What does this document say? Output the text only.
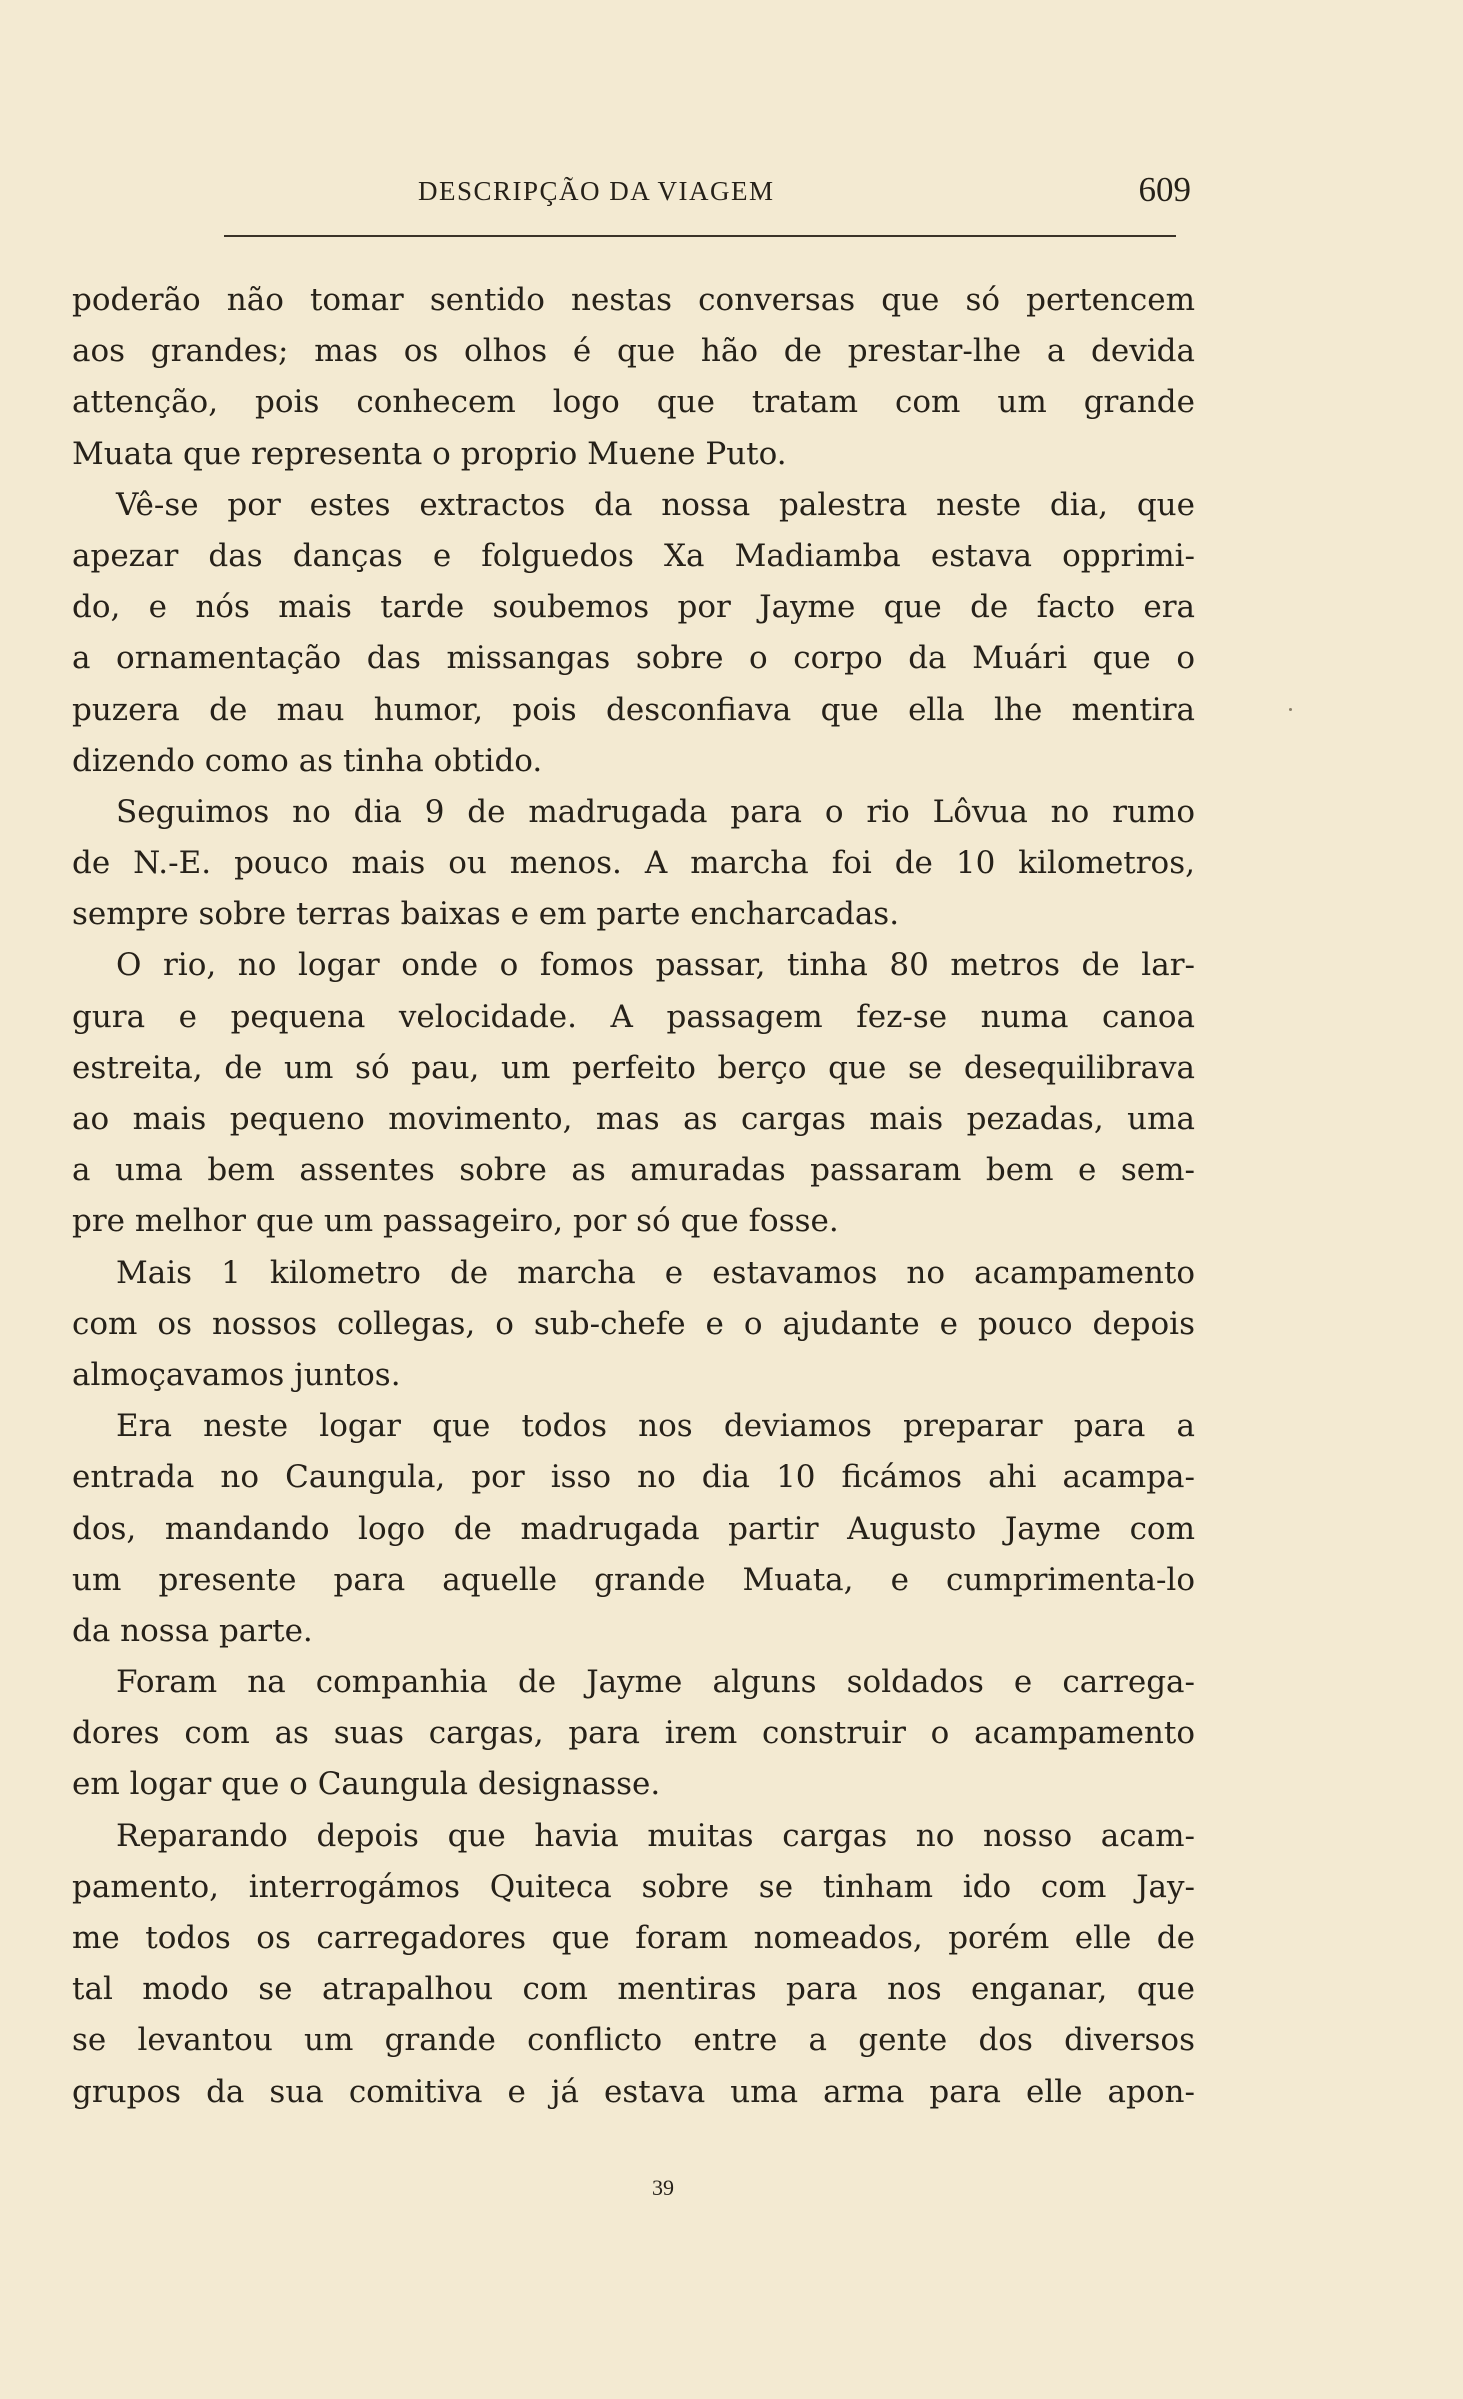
DESCRIPÇÃO DA VIAGEM	609
poderão não tomar sentido nestas conversas que só pertencem
aos grandes; mas os olhos é que hão de prestar-lhe a devida
attenção, pois conhecem logo que tratam com um grande
Muata que representa o proprio Muene Puto.
Vê-se por estes extractos da nossa palestra neste dia, que
apezar das danças e folguedos Xa Madiamba estava opprimi-
do, e nós mais tarde soubemos por Jayme que de facto era
a ornamentação das missangas sobre o corpo da Muári que o
puzera de mau humor, pois desconfiava que ella lhe mentira
dizendo como as tinha obtido.
Seguimos no dia 9 de madrugada para o rio Lôvua no rumo
de N.-E. pouco mais ou menos. A marcha foi de 10 kilometros,
sempre sobre terras baixas e em parte encharcadas.
O rio, no logar onde o fomos passar, tinha 80 metros de lar-
gura e pequena velocidade. A passagem fez-se numa canoa
estreita, de um só pau, um perfeito berço que se desequilibrava
ao mais pequeno movimento, mas as cargas mais pezadas, uma
a uma bem assentes sobre as amuradas passaram bem e sem-
pre melhor que um passageiro, por só que fosse.
Mais 1 kilometro de marcha e estavamos no acampamento
com os nossos collegas, o sub-chefe e o ajudante e pouco depois
almoçavamos juntos.
Era neste logar que todos nos deviamos preparar para a
entrada no Caungula, por isso no dia 10 ficámos ahi acampa-
dos, mandando logo de madrugada partir Augusto Jayme com
um presente para aquelle grande Muata, e cumprimenta-lo
da nossa parte.
Foram na companhia de Jayme alguns soldados e carrega-
dores com as suas cargas, para irem construir o acampamento
em logar que o Caungula designasse.
Reparando depois que havia muitas cargas no nosso acam-
pamento, interrogámos Quiteca sobre se tinham ido com Jay-
me todos os carregadores que foram nomeados, porém elle de
tal modo se atrapalhou com mentiras para nos enganar, que
se levantou um grande conflicto entre a gente dos diversos
grupos da sua comitiva e já estava uma arma para elle apon-
39
